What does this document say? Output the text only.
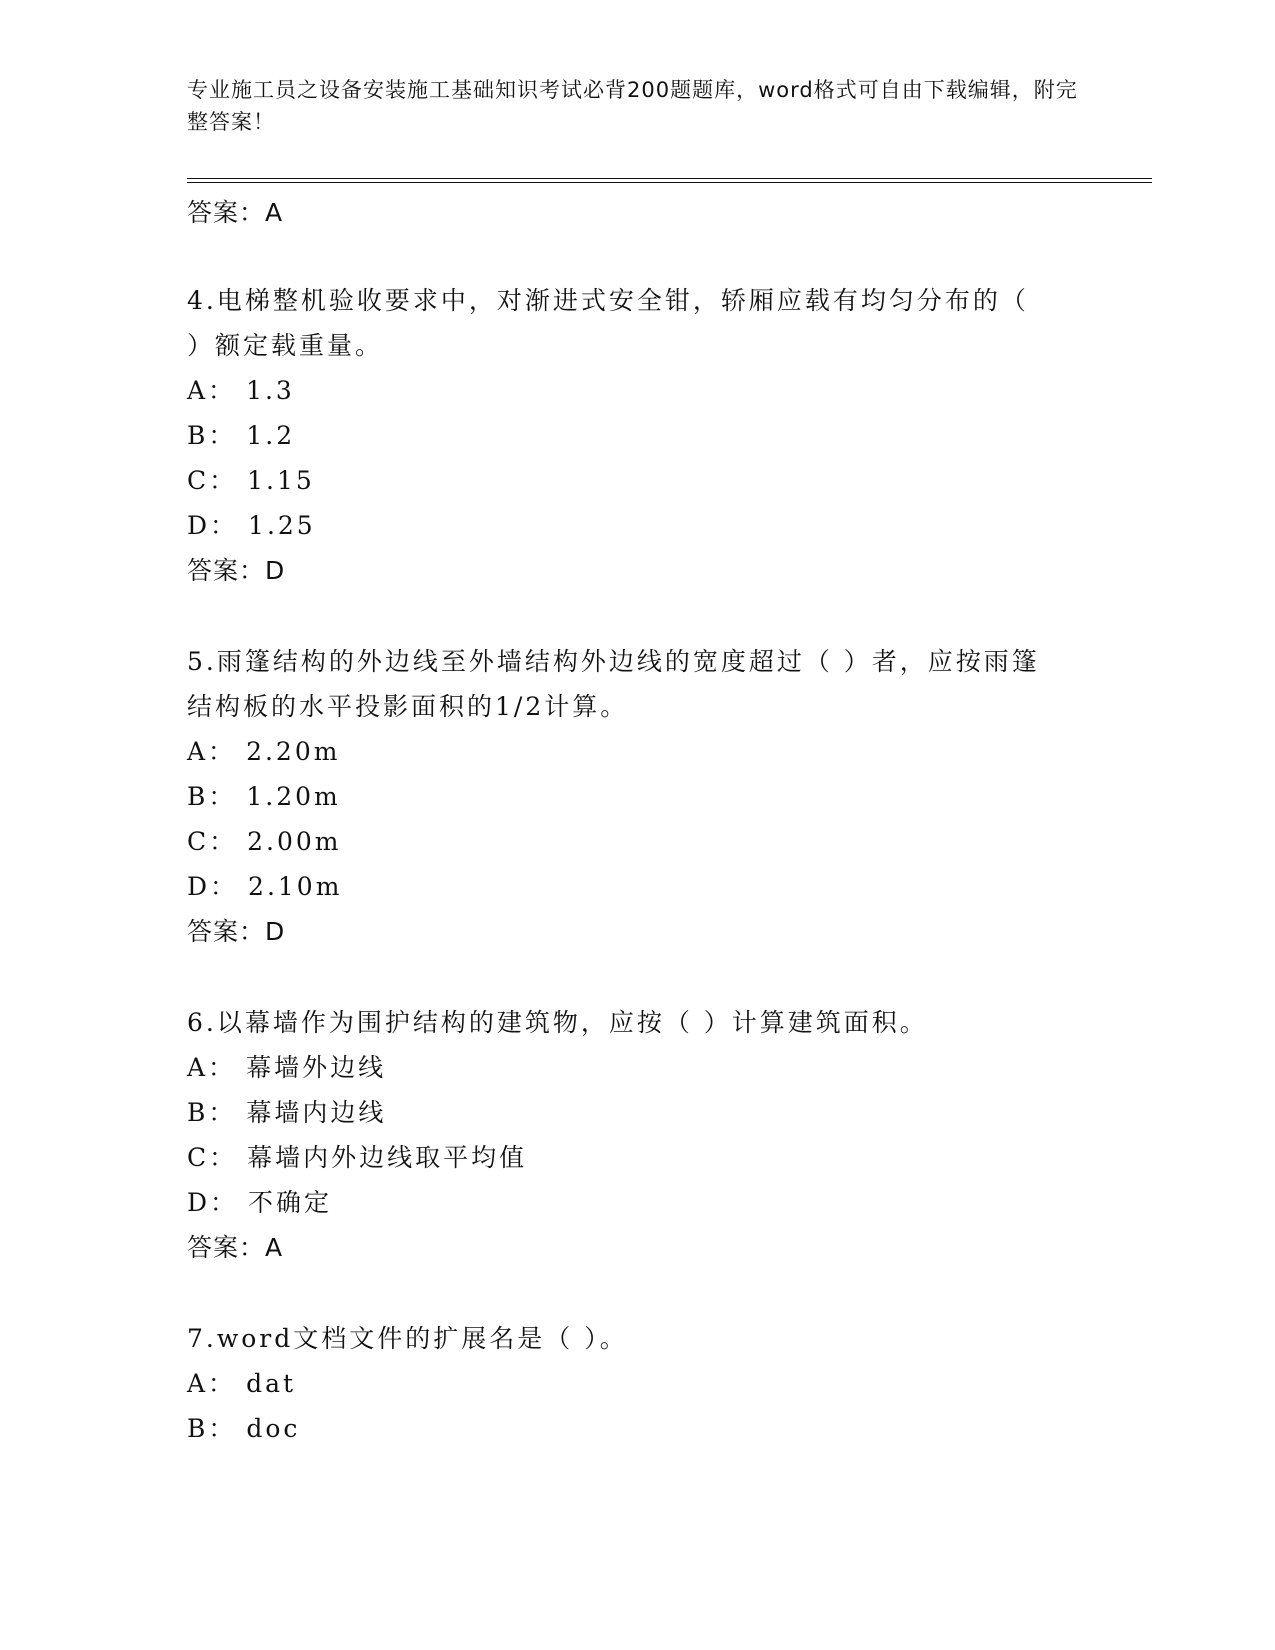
专业施工员之设备安装施工基础知识考试必背200题题库，word格式可自由下载编辑，附完整答案！
答案：A
4.电梯整机验收要求中，对渐进式安全钳，轿厢应载有均匀分布的（
）额定载重量。
A： 1.3
B： 1.2
C： 1.15
D： 1.25
答案：D
5.雨篷结构的外边线至外墙结构外边线的宽度超过（ ）者，应按雨篷
结构板的水平投影面积的1/2计算。
A： 2.20m
B： 1.20m
C： 2.00m
D： 2.10m
答案：D
6.以幕墙作为围护结构的建筑物，应按（ ）计算建筑面积。
A： 幕墙外边线
B： 幕墙内边线
C： 幕墙内外边线取平均值
D： 不确定
答案：A
7.word文档文件的扩展名是（ ）。
A： dat
B： doc
